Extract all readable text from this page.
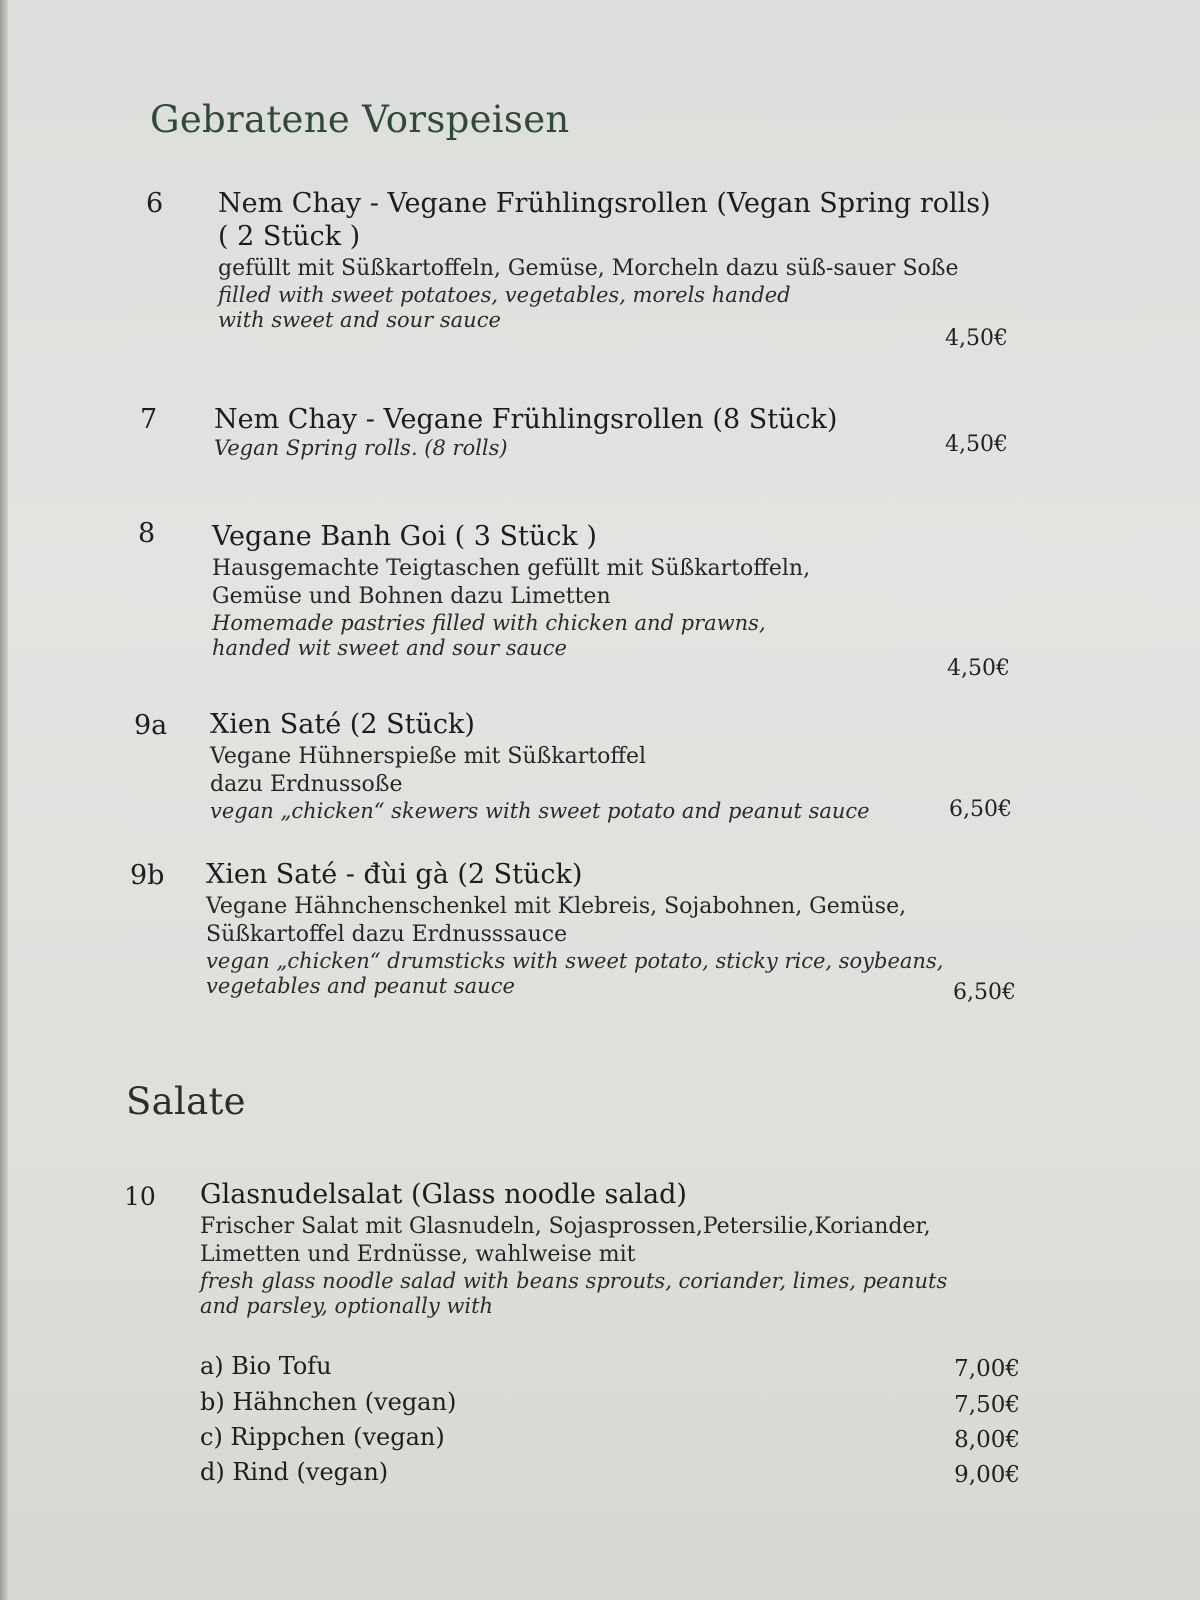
Gebratene Vorspeisen
6 Nem Chay - Vegane Frühlingsrollen (Vegan Spring rolls)
( 2 Stück )
gefüllt mit Süßkartoffeln, Gemüse, Morcheln dazu süß-sauer Soße
filled with sweet potatoes, vegetables, morels handed
with sweet and sour sauce
4,50€
7 Nem Chay - Vegane Frühlingsrollen (8 Stück)
Vegan Spring rolls. (8 rolls)	4,50€
8 Vegane Banh Goi ( 3 Stück )
Hausgemachte Teigtaschen gefüllt mit Süßkartoffeln,
Gemüse und Bohnen dazu Limetten
Homemade pastries filled with chicken and prawns,
handed wit sweet and sour sauce
4,50€
9a Xien Saté (2 Stück)
Vegane Hühnerspieße mit Süßkartoffel
dazu Erdnussoße
vegan „chicken“ skewers with sweet potato and peanut sauce	6,50€
9b Xien Saté - đùi gà (2 Stück)
Vegane Hähnchenschenkel mit Klebreis, Sojabohnen, Gemüse,
Süßkartoffel dazu Erdnusssauce
vegan „chicken“ drumsticks with sweet potato, sticky rice, soybeans,
vegetables and peanut sauce	6,50€
Salate
10 Glasnudelsalat (Glass noodle salad)
Frischer Salat mit Glasnudeln, Sojasprossen,Petersilie,Koriander,
Limetten und Erdnüsse, wahlweise mit
fresh glass noodle salad with beans sprouts, coriander, limes, peanuts
and parsley, optionally with
a) Bio Tofu	7,00€
b) Hähnchen (vegan)	7,50€
c) Rippchen (vegan)	8,00€
d) Rind (vegan)	9,00€
